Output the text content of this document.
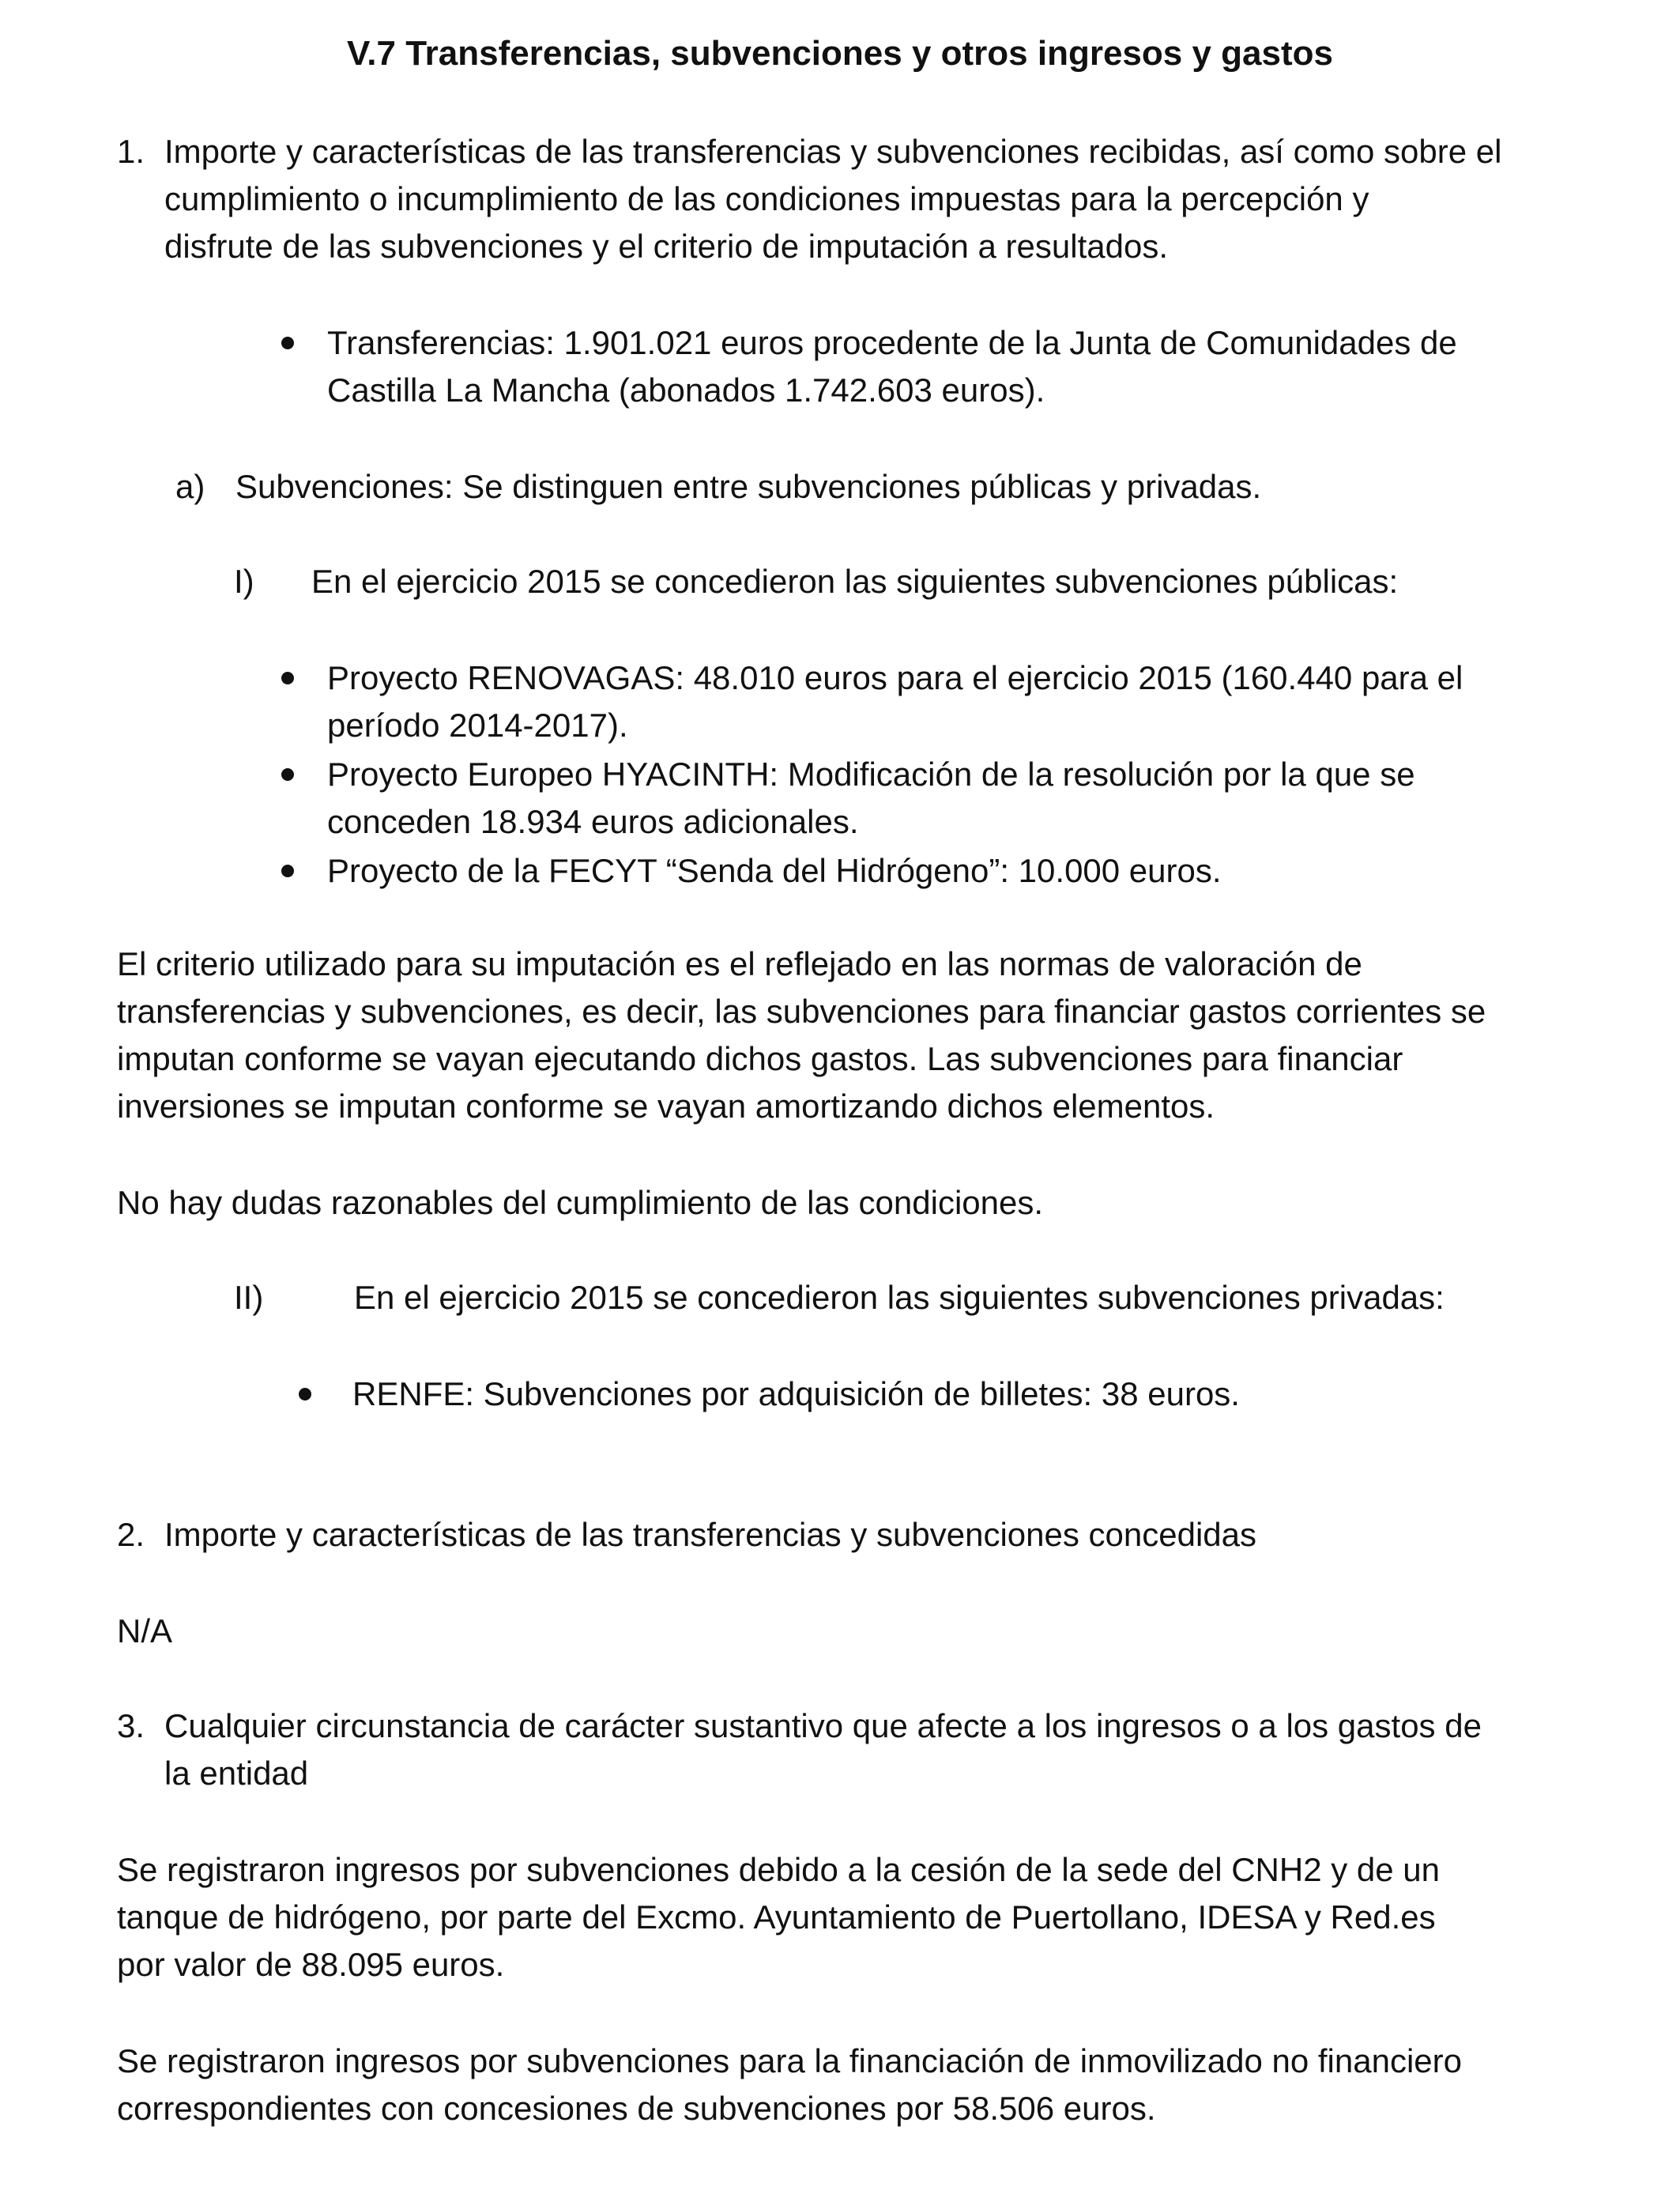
V.7 Transferencias, subvenciones y otros ingresos y gastos
1. Importe y características de las transferencias y subvenciones recibidas, así como sobre el
cumplimiento o incumplimiento de las condiciones impuestas para la percepción y
disfrute de las subvenciones y el criterio de imputación a resultados.
Transferencias: 1.901.021 euros procedente de la Junta de Comunidades de
Castilla La Mancha (abonados 1.742.603 euros).
a) Subvenciones: Se distinguen entre subvenciones públicas y privadas.
I) En el ejercicio 2015 se concedieron las siguientes subvenciones públicas:
Proyecto RENOVAGAS: 48.010 euros para el ejercicio 2015 (160.440 para el
período 2014-2017).
Proyecto Europeo HYACINTH: Modificación de la resolución por la que se
conceden 18.934 euros adicionales.
Proyecto de la FECYT “Senda del Hidrógeno”: 10.000 euros.
El criterio utilizado para su imputación es el reflejado en las normas de valoración de
transferencias y subvenciones, es decir, las subvenciones para financiar gastos corrientes se
imputan conforme se vayan ejecutando dichos gastos. Las subvenciones para financiar
inversiones se imputan conforme se vayan amortizando dichos elementos.
No hay dudas razonables del cumplimiento de las condiciones.
II)	En el ejercicio 2015 se concedieron las siguientes subvenciones privadas:
RENFE: Subvenciones por adquisición de billetes: 38 euros.
2. Importe y características de las transferencias y subvenciones concedidas
N/A
3. Cualquier circunstancia de carácter sustantivo que afecte a los ingresos o a los gastos de
la entidad
Se registraron ingresos por subvenciones debido a la cesión de la sede del CNH2 y de un
tanque de hidrógeno, por parte del Excmo. Ayuntamiento de Puertollano, IDESA y Red.es
por valor de 88.095 euros.
Se registraron ingresos por subvenciones para la financiación de inmovilizado no financiero
correspondientes con concesiones de subvenciones por 58.506 euros.
